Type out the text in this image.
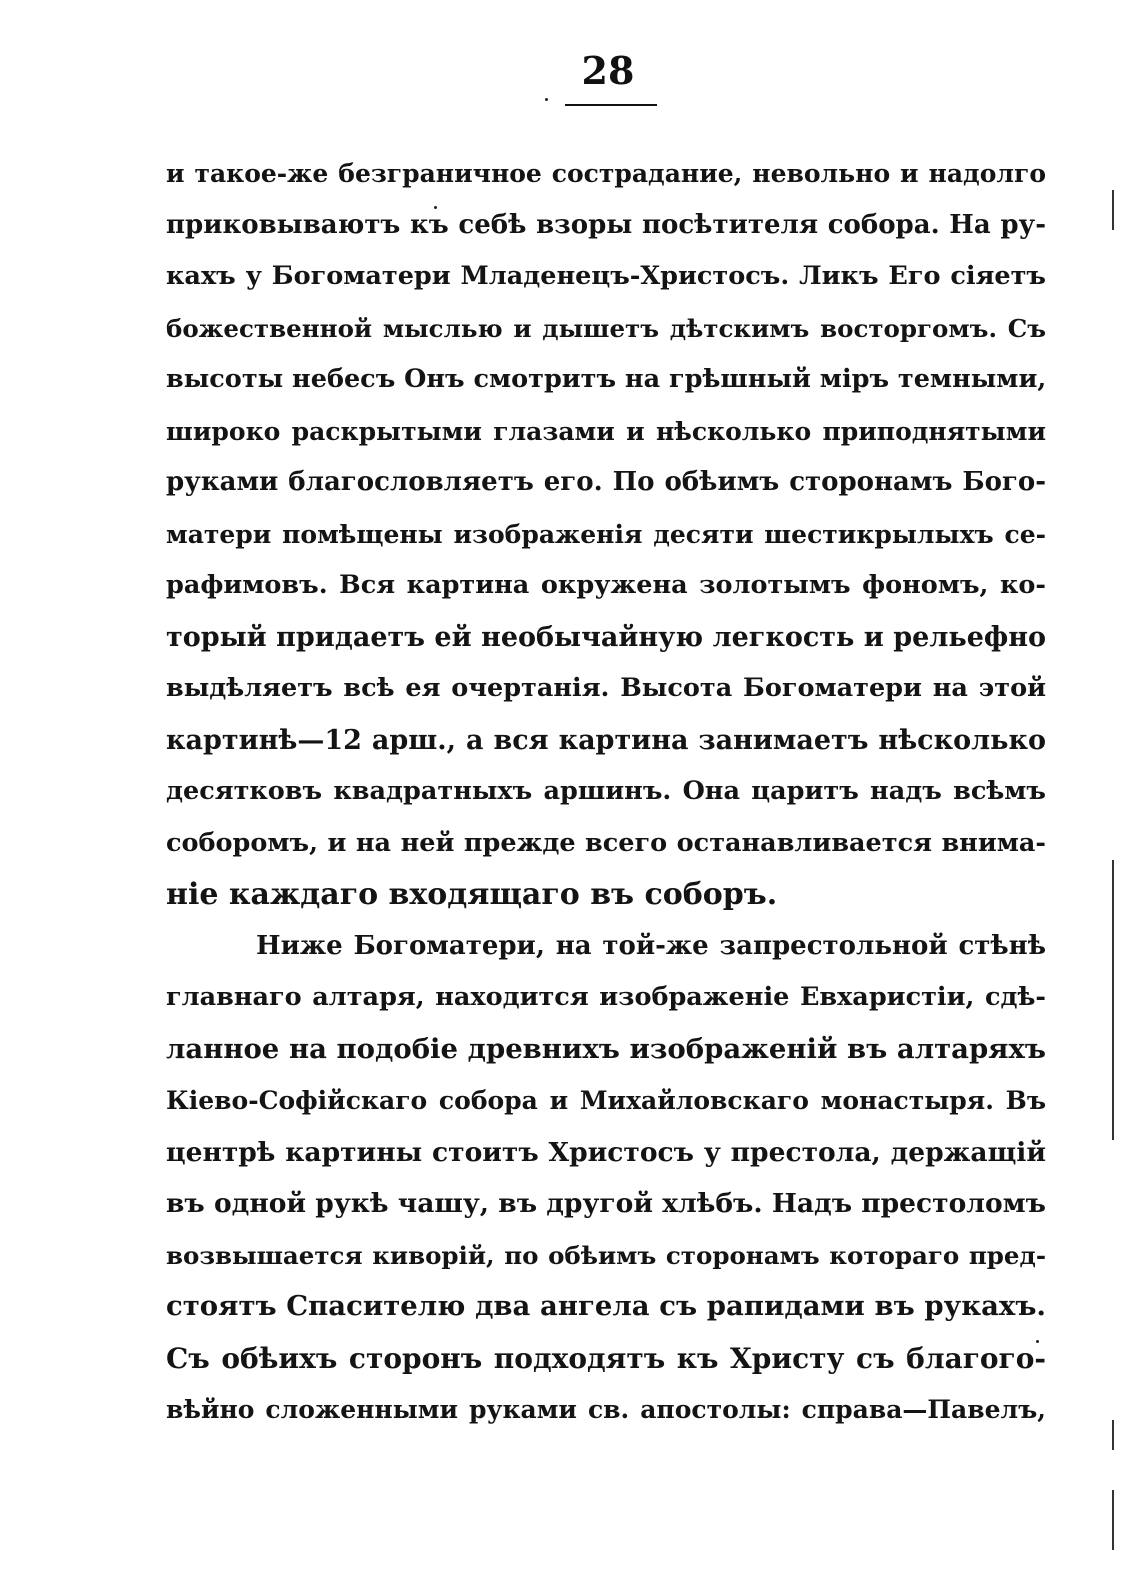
28
и такое-же безграничное сострадание, невольно и надолго
приковываютъ къ себѣ взоры посѣтителя собора. На ру-
кахъ у Богоматери Младенецъ-Христосъ. Ликъ Его сіяетъ
божественной мыслью и дышетъ дѣтскимъ восторгомъ. Съ
высоты небесъ Онъ смотритъ на грѣшный міръ темными,
широко раскрытыми глазами и нѣсколько приподнятыми
руками благословляетъ его. По обѣимъ сторонамъ Бого-
матери помѣщены изображенія десяти шестикрылыхъ се-
рафимовъ. Вся картина окружена золотымъ фономъ, ко-
торый придаетъ ей необычайную легкость и рельефно
выдѣляетъ всѣ ея очертанія. Высота Богоматери на этой
картинѣ—12 арш., а вся картина занимаетъ нѣсколько
десятковъ квадратныхъ аршинъ. Она царитъ надъ всѣмъ
соборомъ, и на ней прежде всего останавливается внима-
ніе каждаго входящаго въ соборъ.
Ниже Богоматери, на той-же запрестольной стѣнѣ
главнаго алтаря, находится изображеніе Евхаристіи, сдѣ-
ланное на подобіе древнихъ изображеній въ алтаряхъ
Кіево-Софійскаго собора и Михайловскаго монастыря. Въ
центрѣ картины стоитъ Христосъ у престола, держащій
въ одной рукѣ чашу, въ другой хлѣбъ. Надъ престоломъ
возвышается киворій, по обѣимъ сторонамъ котораго пред-
стоятъ Спасителю два ангела съ рапидами въ рукахъ.
Съ обѣихъ сторонъ подходятъ къ Христу съ благого-
вѣйно сложенными руками св. апостолы: справа—Павелъ,
